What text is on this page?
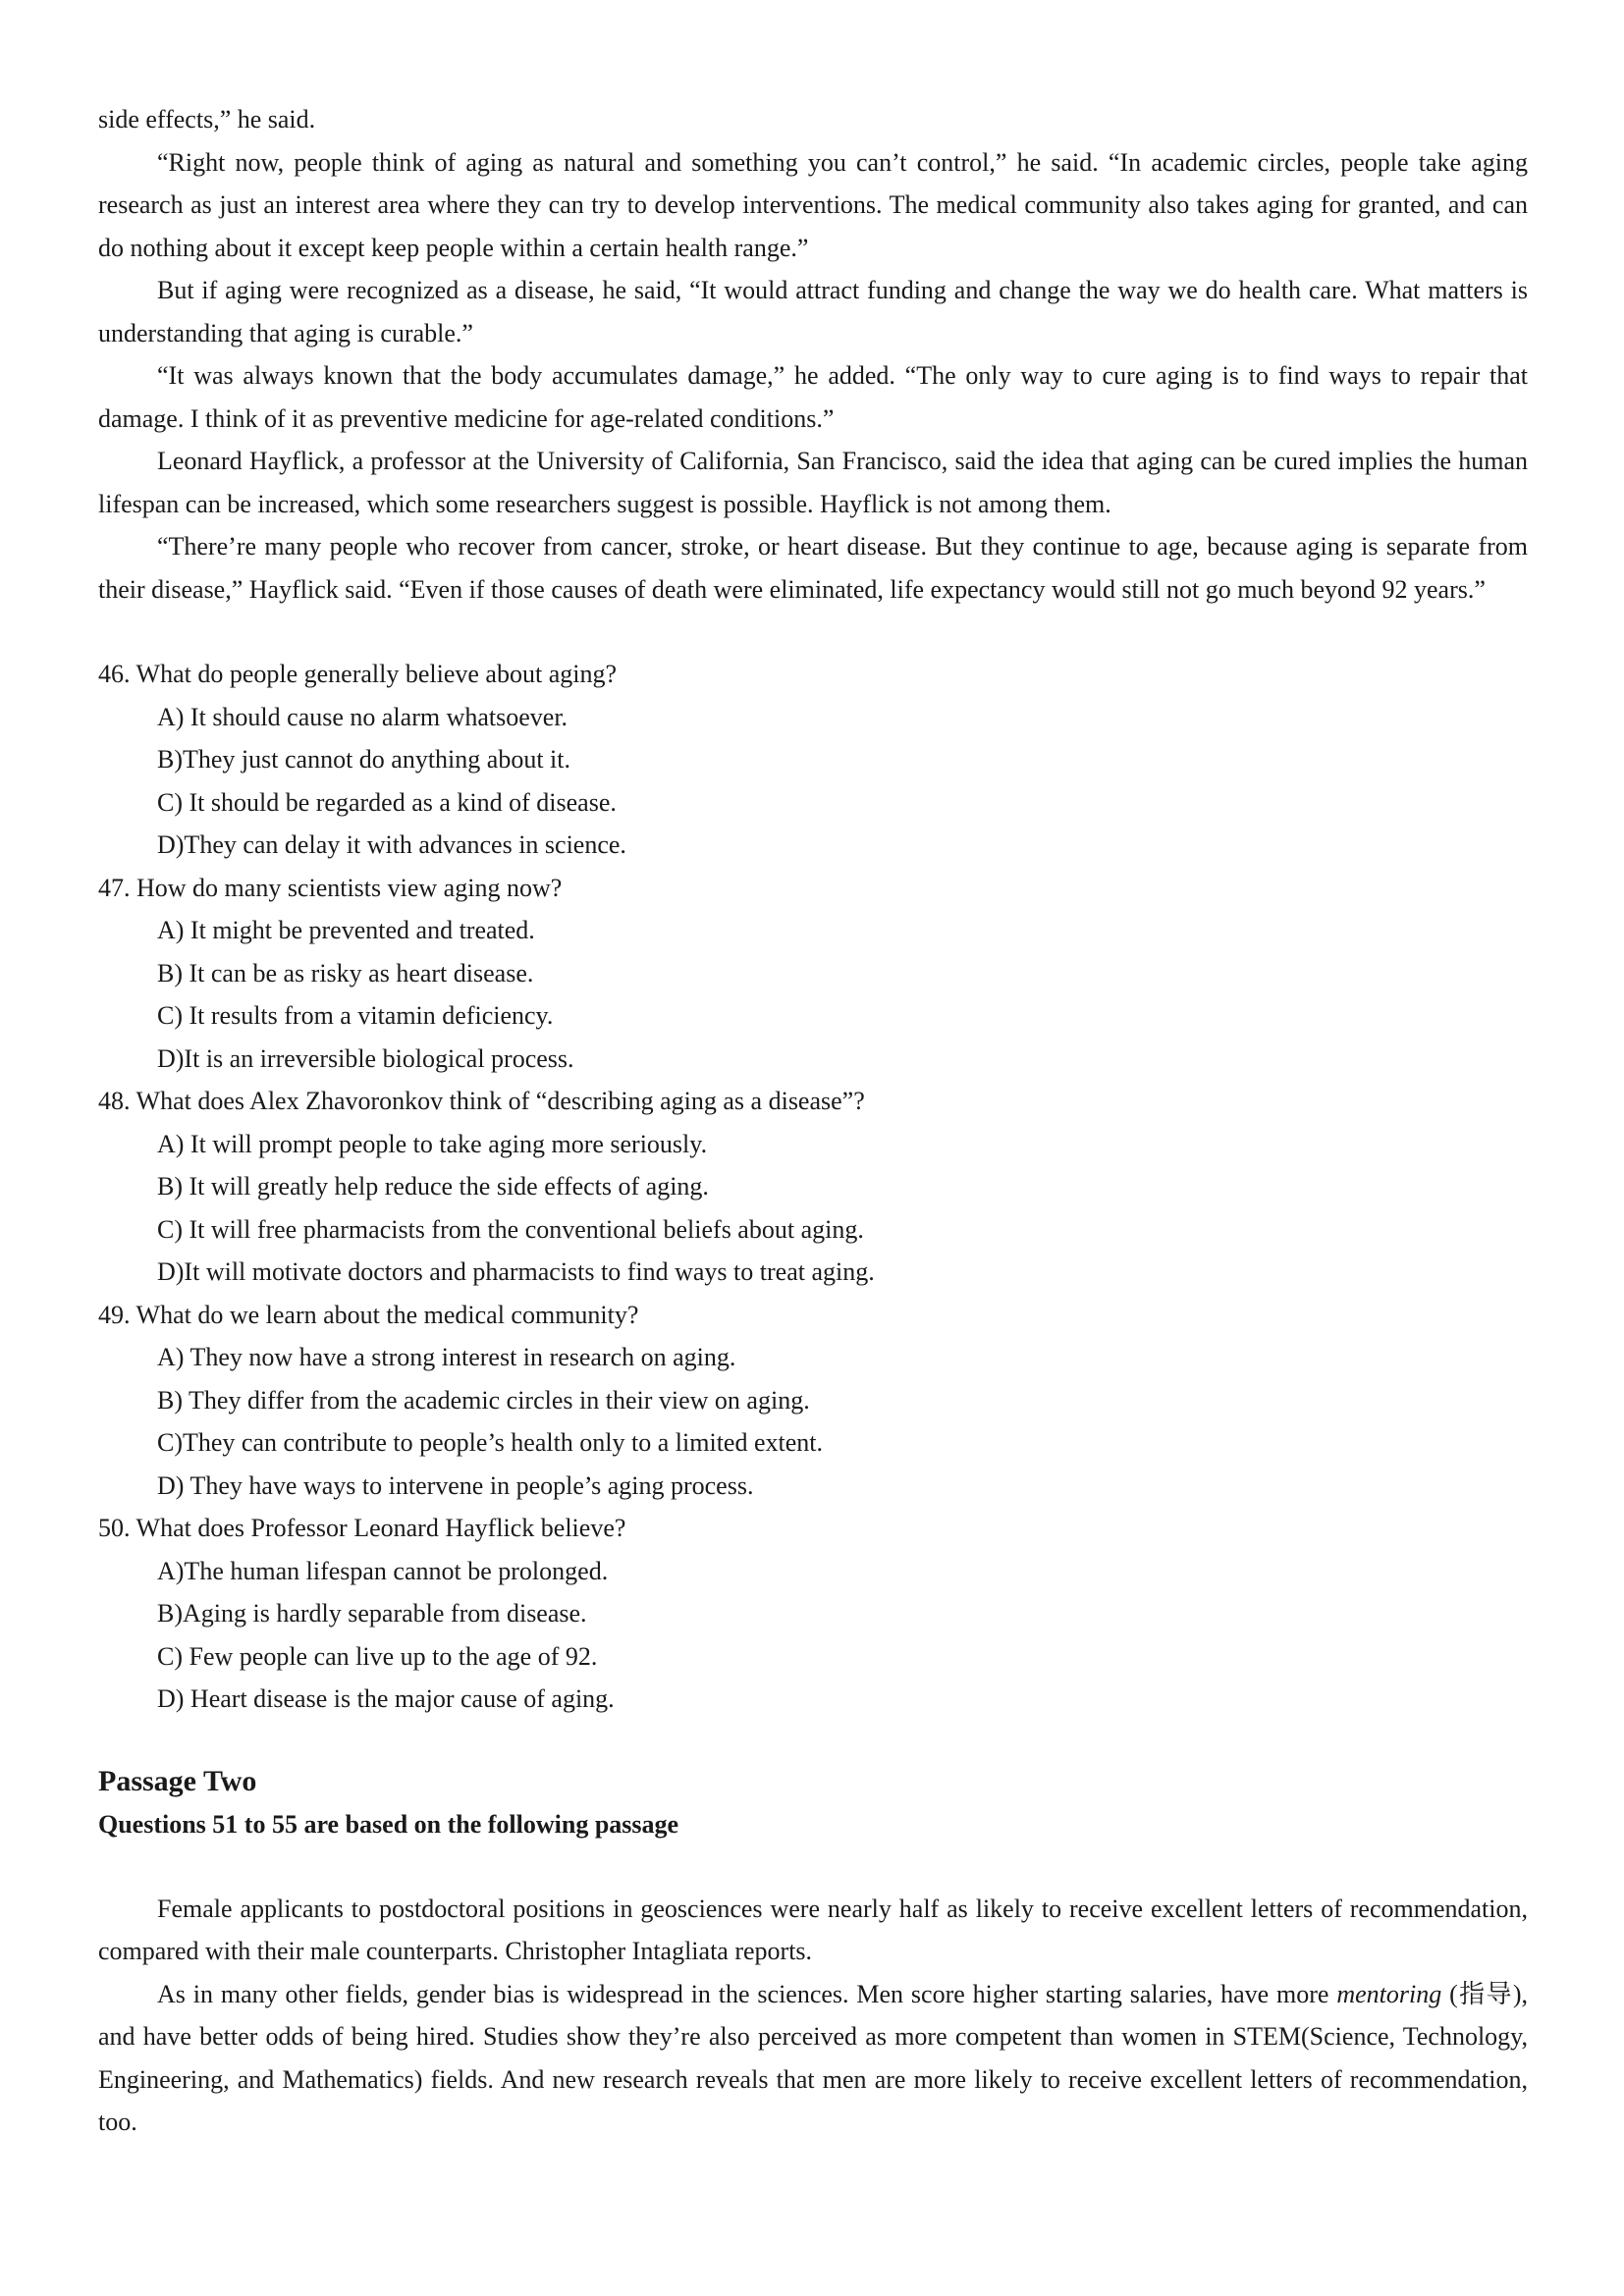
side effects,” he said.

“Right now, people think of aging as natural and something you can’t control,” he said. “In academic circles, people take aging research as just an interest area where they can try to develop interventions. The medical community also takes aging for granted, and can do nothing about it except keep people within a certain health range.”

But if aging were recognized as a disease, he said, “It would attract funding and change the way we do health care. What matters is understanding that aging is curable.”

“It was always known that the body accumulates damage,” he added. “The only way to cure aging is to find ways to repair that damage. I think of it as preventive medicine for age-related conditions.”

Leonard Hayflick, a professor at the University of California, San Francisco, said the idea that aging can be cured implies the human lifespan can be increased, which some researchers suggest is possible. Hayflick is not among them.

“There’re many people who recover from cancer, stroke, or heart disease. But they continue to age, because aging is separate from their disease,” Hayflick said. “Even if those causes of death were eliminated, life expectancy would still not go much beyond 92 years.”

46. What do people generally believe about aging?

A) It should cause no alarm whatsoever.

B)They just cannot do anything about it.

C) It should be regarded as a kind of disease.

D)They can delay it with advances in science.

47. How do many scientists view aging now?

A) It might be prevented and treated.

B) It can be as risky as heart disease.

C) It results from a vitamin deficiency.

D)It is an irreversible biological process.

48. What does Alex Zhavoronkov think of “describing aging as a disease”?

A) It will prompt people to take aging more seriously.

B) It will greatly help reduce the side effects of aging.

C) It will free pharmacists from the conventional beliefs about aging.

D)It will motivate doctors and pharmacists to find ways to treat aging.

49. What do we learn about the medical community?

A) They now have a strong interest in research on aging.

B) They differ from the academic circles in their view on aging.

C)They can contribute to people’s health only to a limited extent.

D) They have ways to intervene in people’s aging process.

50. What does Professor Leonard Hayflick believe?

A)The human lifespan cannot be prolonged.

B)Aging is hardly separable from disease.

C) Few people can live up to the age of 92.

D) Heart disease is the major cause of aging.

Passage Two

Questions 51 to 55 are based on the following passage

Female applicants to postdoctoral positions in geosciences were nearly half as likely to receive excellent letters of recommendation, compared with their male counterparts. Christopher Intagliata reports.

As in many other fields, gender bias is widespread in the sciences. Men score higher starting salaries, have more mentoring (指导), and have better odds of being hired. Studies show they’re also perceived as more competent than women in STEM(Science, Technology, Engineering, and Mathematics) fields. And new research reveals that men are more likely to receive excellent letters of recommendation, too.
